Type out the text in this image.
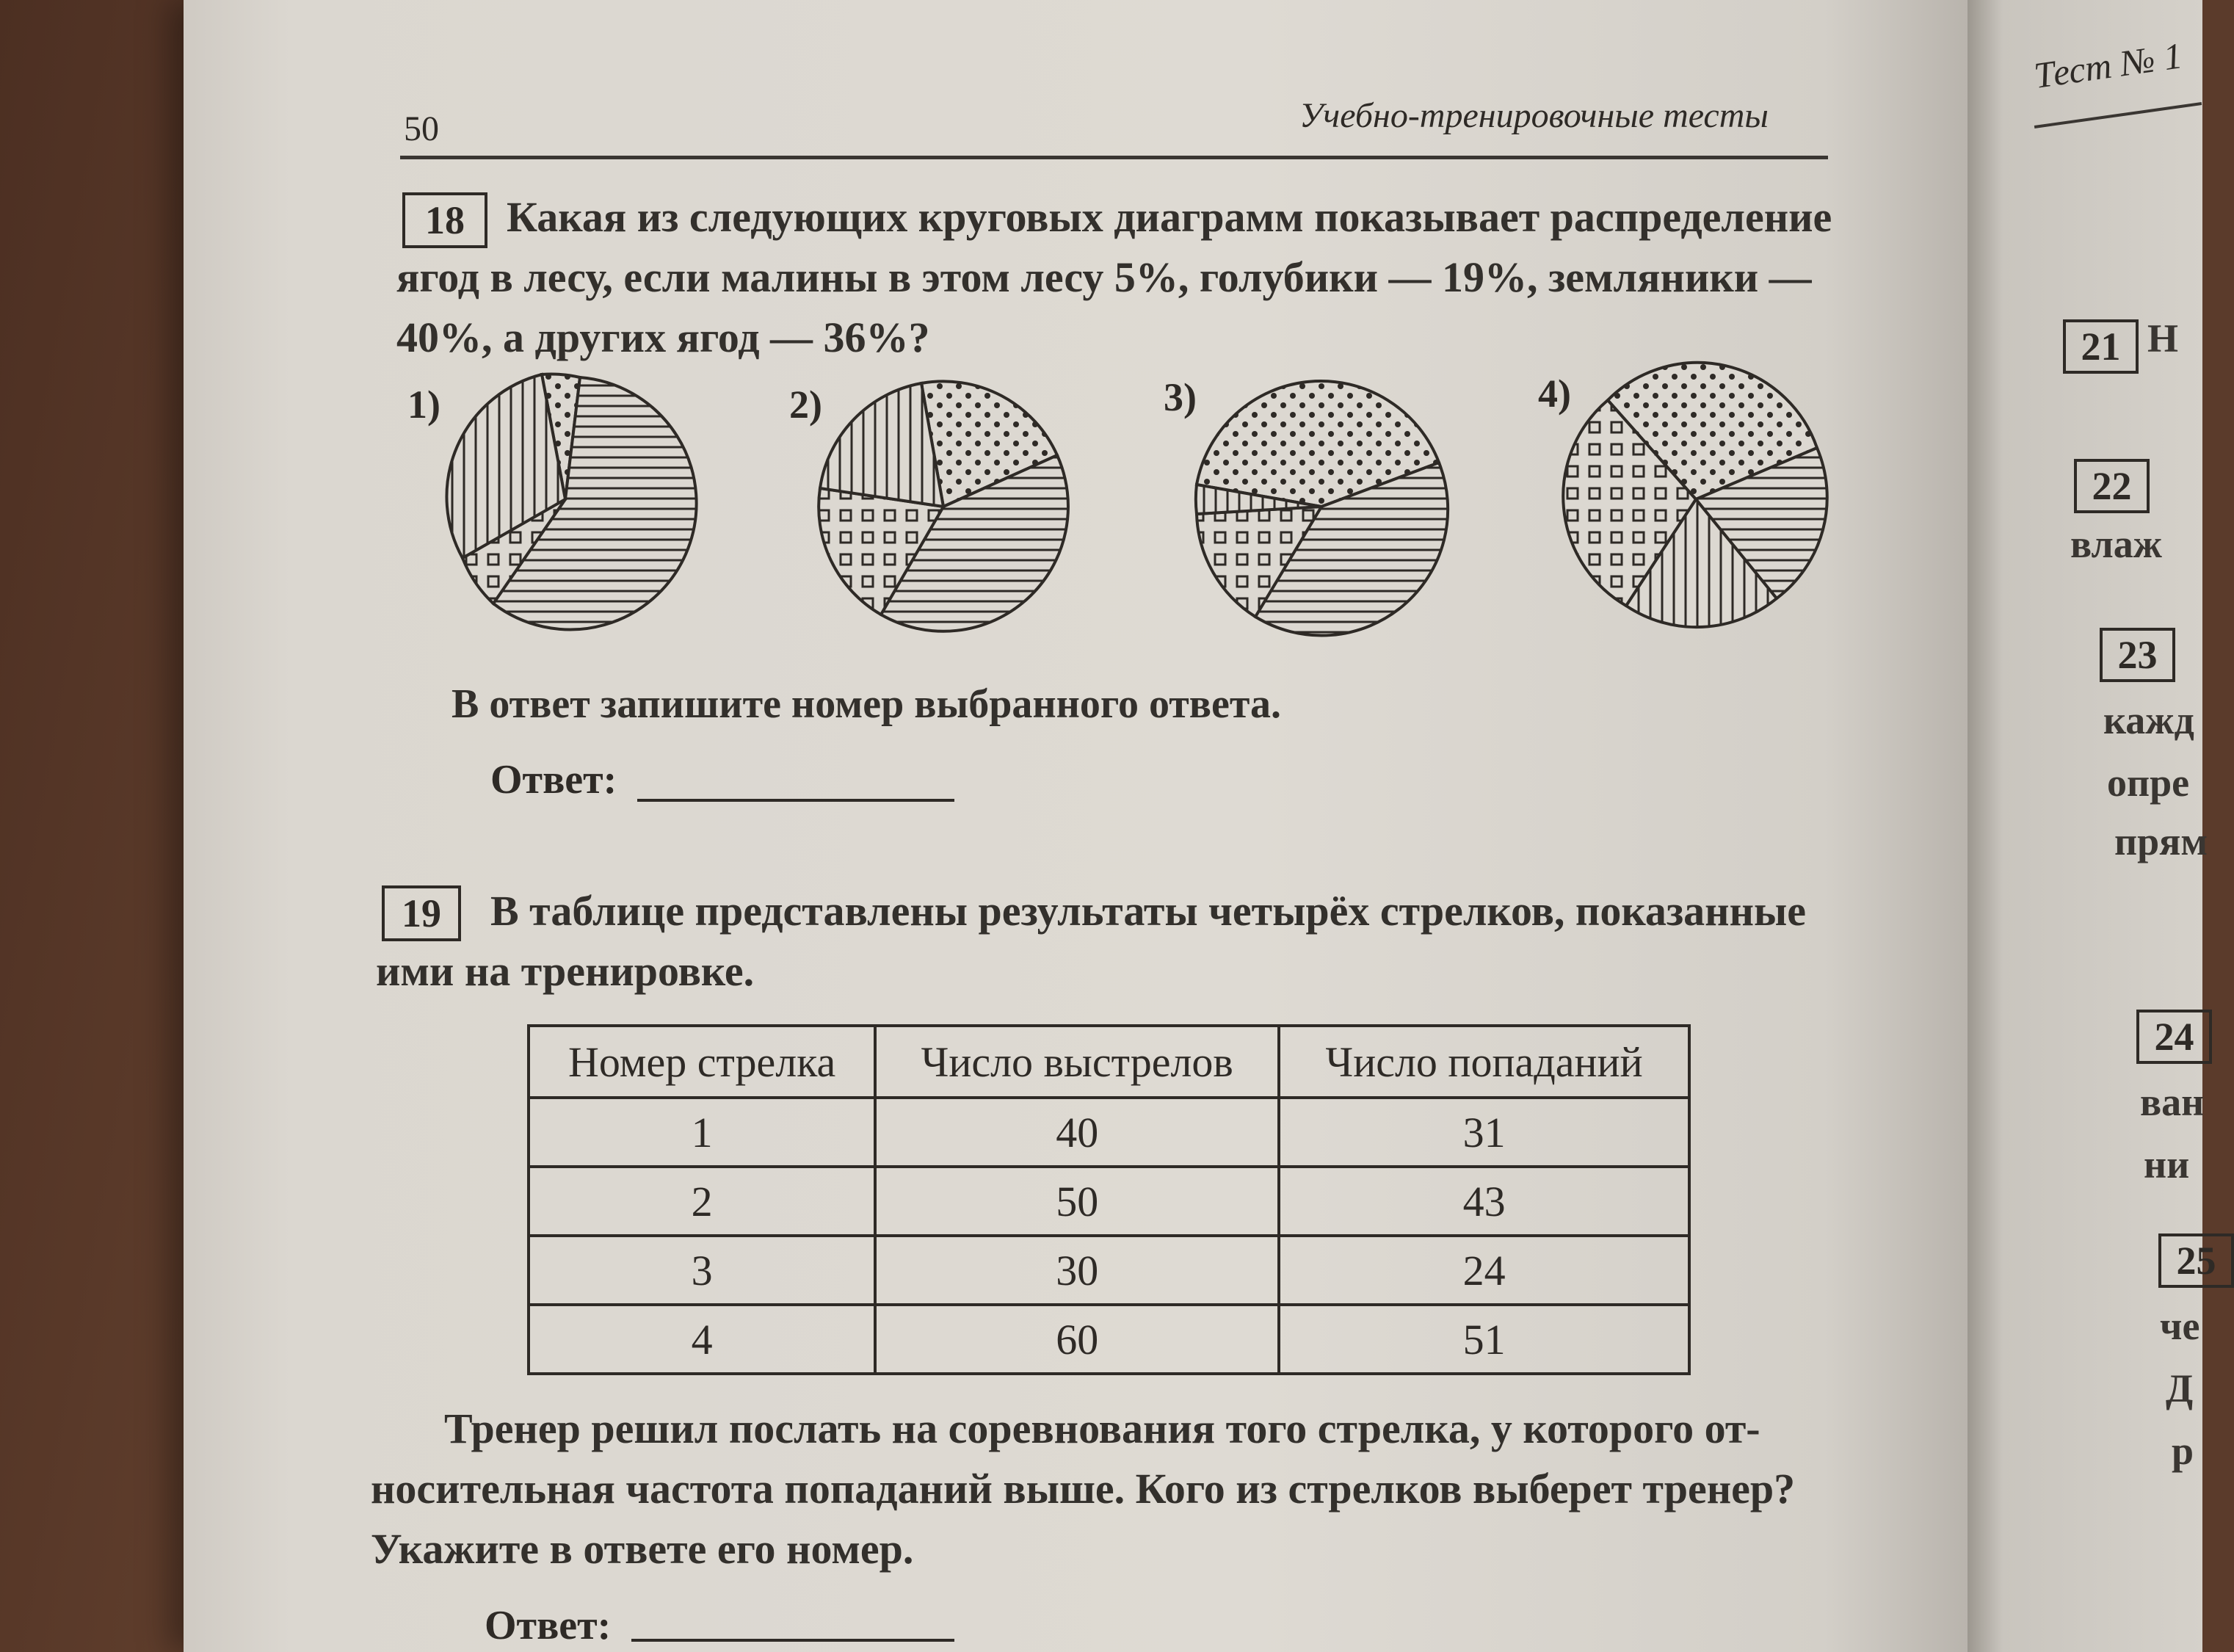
50	Учебно-тренировочные тесты
18 Какая из следующих круговых диаграмм показывает распределение
ягод в лесу, если малины в этом лесу 5%, голубики — 19%, земляники —
40%, а других ягод — 36%?
1)	2)	3)	4)
В ответ запишите номер выбранного ответа.
Ответ:
19	В таблице представлены результаты четырёх стрелков, показанные
ими на тренировке.
Номер стрелка	Число выстрелов	Число попаданий
1	40	31
2	50	43
3	30	24
4	60	51
Тренер решил послать на соревнования того стрелка, у которого от-
носительная частота попаданий выше. Кого из стрелков выберет тренер?
Укажите в ответе его номер.
Ответ:
Тест № 1
21 Н
22
влаж
23
кажд
опре
прям
24
ван
ни
25
че
Д
р
